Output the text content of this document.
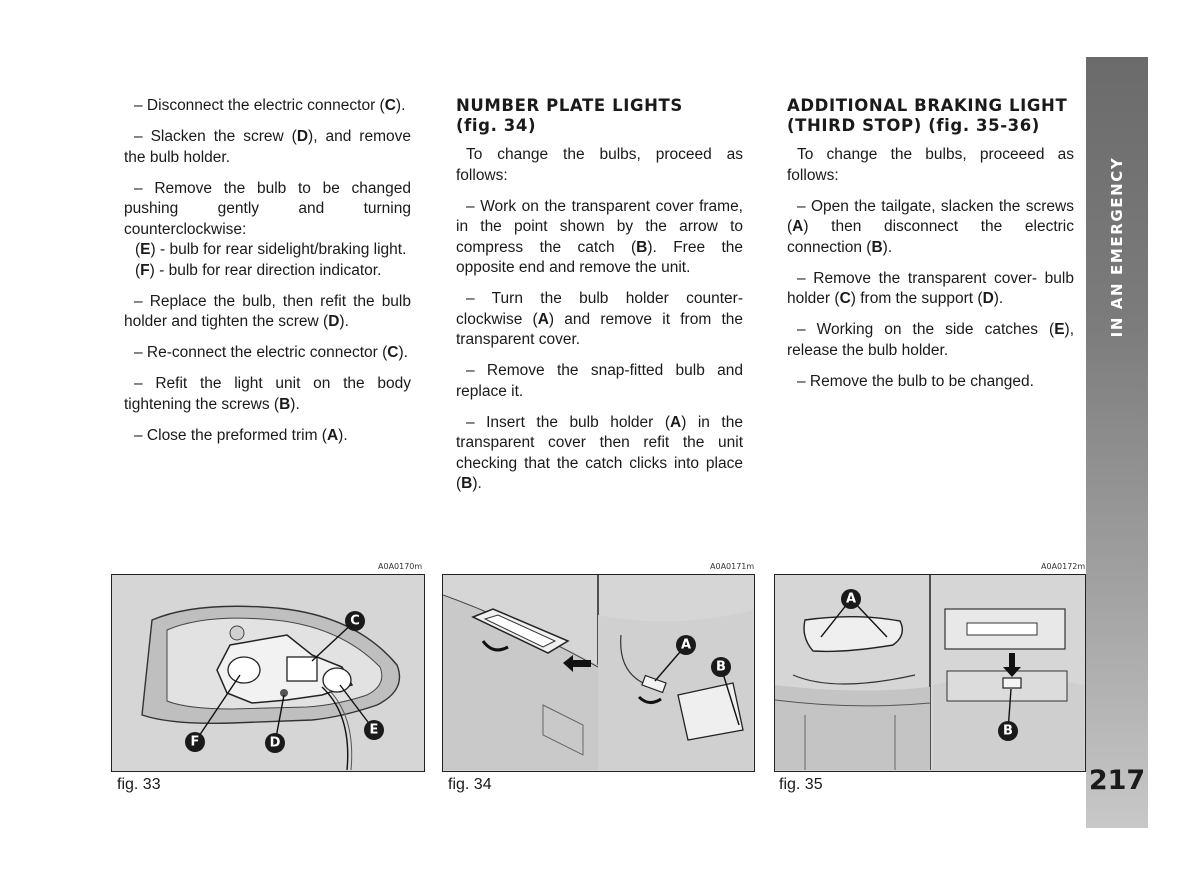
– Disconnect the electric connector (C).

– Slacken the screw (D), and remove the bulb holder.

– Remove the bulb to be changed pushing gently and turning counterclockwise:

(E) - bulb for rear sidelight/braking light.

(F) - bulb for rear direction indicator.

– Replace the bulb, then refit the bulb holder and tighten the screw (D).

– Re-connect the electric connector (C).

– Refit the light unit on the body tightening the screws (B).

– Close the preformed trim (A).

NUMBER PLATE LIGHTS
(fig. 34)

To change the bulbs, proceed as follows:

– Work on the transparent cover frame, in the point shown by the arrow to compress the catch (B). Free the opposite end and remove the unit.

– Turn the bulb holder counter-clockwise (A) and remove it from the transparent cover.

– Remove the snap-fitted bulb and replace it.

– Insert the bulb holder (A) in the transparent cover then refit the unit checking that the catch clicks into place (B).

ADDITIONAL BRAKING LIGHT
(THIRD STOP) (fig. 35-36)

To change the bulbs, proceeed as follows:

– Open the tailgate, slacken the screws (A) then disconnect the electric connection (B).

– Remove the transparent cover- bulb holder (C) from the support (D).

– Working on the side catches (E), release the bulb holder.

– Remove the bulb to be changed.

IN AN EMERGENCY
217
A0A0170m
C
F	D
E
fig. 33
A0A0171m
A
B
fig. 34
A0A0172m
A
B
fig. 35
